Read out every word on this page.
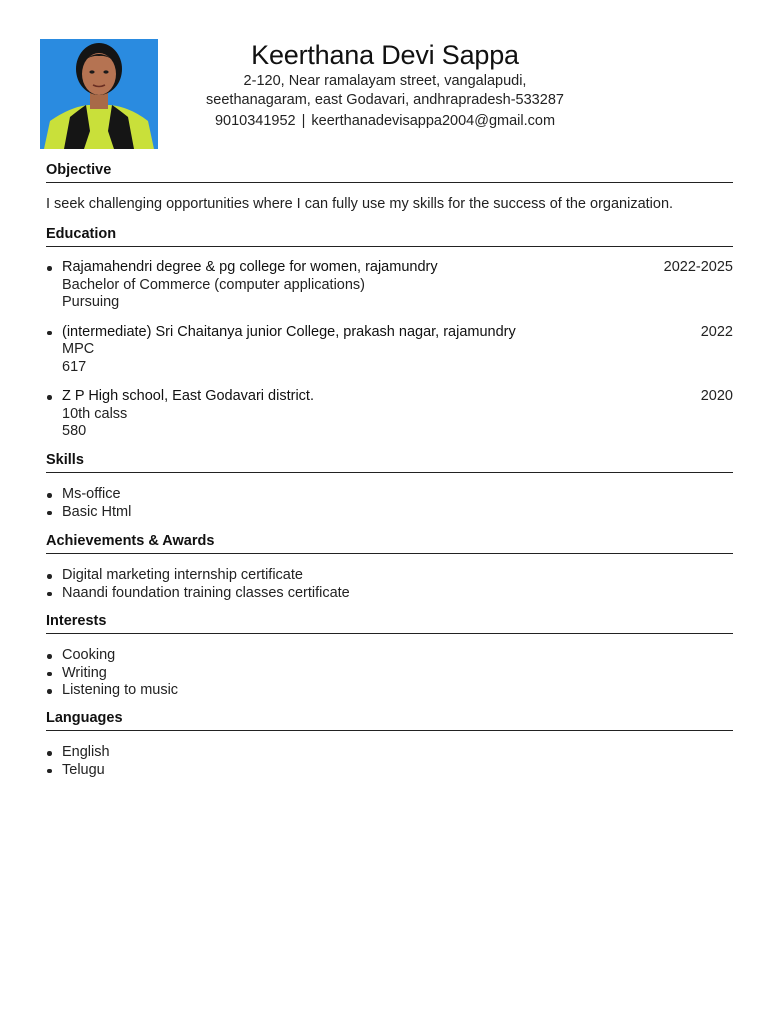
Keerthana Devi Sappa
2-120, Near ramalayam street, vangalapudi,
seethanagaram, east Godavari, andhrapradesh-533287
9010341952 | keerthanadevisappa2004@gmail.com
Objective
I seek challenging opportunities where I can fully use my skills for the success of the organization.
Education
Rajamahendri degree & pg college for women, rajamundry	2022-2025
Bachelor of Commerce (computer applications)
Pursuing
(intermediate) Sri Chaitanya junior College, prakash nagar, rajamundry	2022
MPC
617
Z P High school, East Godavari district.	2020
10th calss
580
Skills
Ms-office
Basic Html
Achievements & Awards
Digital marketing internship certificate
Naandi foundation training classes certificate
Interests
Cooking
Writing
Listening to music
Languages
English
Telugu
